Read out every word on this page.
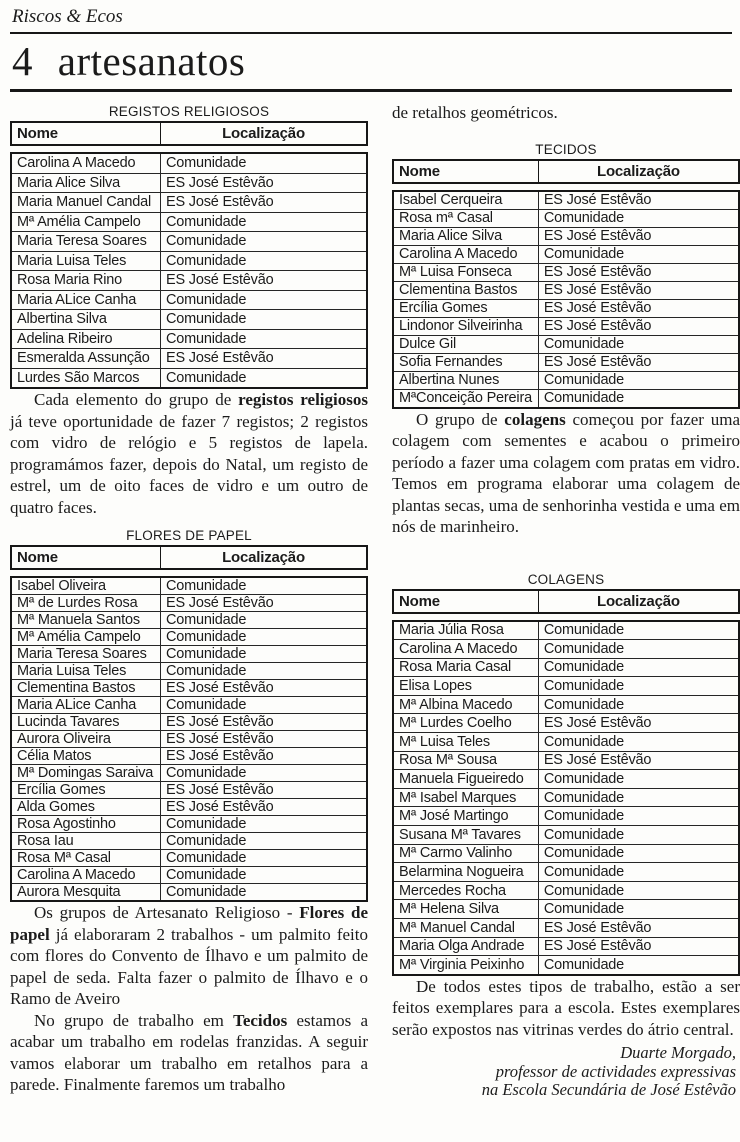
Riscos & Ecos
4 artesanatos
REGISTOS RELIGIOSOS
Nome	Localização
Carolina A Macedo	Comunidade
Maria Alice Silva	ES José Estêvão
Maria Manuel Candal	ES José Estêvão
Mª Amélia Campelo	Comunidade
Maria Teresa Soares	Comunidade
Maria Luisa Teles	Comunidade
Rosa Maria Rino	ES José Estêvão
Maria ALice Canha	Comunidade
Albertina Silva	Comunidade
Adelina Ribeiro	Comunidade
Esmeralda Assunção	ES José Estêvão
Lurdes São Marcos	Comunidade

Cada elemento do grupo de registos religiosos já teve oportunidade de fazer 7 registos; 2 registos com vidro de relógio e 5 registos de lapela. programámos fazer, depois do Natal, um registo de estrel, um de oito faces de vidro e um outro de quatro faces.

FLORES DE PAPEL
Nome	Localização
Isabel Oliveira	Comunidade
Mª de Lurdes Rosa	ES José Estêvão
Mª Manuela Santos	Comunidade
Mª Amélia Campelo	Comunidade
Maria Teresa Soares	Comunidade
Maria Luisa Teles	Comunidade
Clementina Bastos	ES José Estêvão
Maria ALice Canha	Comunidade
Lucinda Tavares	ES José Estêvão
Aurora Oliveira	ES José Estêvão
Célia Matos	ES José Estêvão
Mª Domingas Saraiva	Comunidade
Ercília Gomes	ES José Estêvão
Alda Gomes	ES José Estêvão
Rosa Agostinho	Comunidade
Rosa Iau	Comunidade
Rosa Mª Casal	Comunidade
Carolina A Macedo	Comunidade
Aurora Mesquita	Comunidade

Os grupos de Artesanato Religioso - Flores de papel já elaboraram 2 trabalhos - um palmito feito com flores do Convento de Ílhavo e um palmito de papel de seda. Falta fazer o palmito de Ílhavo e o Ramo de Aveiro

No grupo de trabalho em Tecidos estamos a acabar um trabalho em rodelas franzidas. A seguir vamos elaborar um trabalho em retalhos para a parede. Finalmente faremos um trabalho

de retalhos geométricos.

TECIDOS
Nome	Localização
Isabel Cerqueira	ES José Estêvão
Rosa mª Casal	Comunidade
Maria Alice Silva	ES José Estêvão
Carolina A Macedo	Comunidade
Mª Luisa Fonseca	ES José Estêvão
Clementina Bastos	ES José Estêvão
Ercília Gomes	ES José Estêvão
Lindonor Silveirinha	ES José Estêvão
Dulce Gil	Comunidade
Sofia Fernandes	ES José Estêvão
Albertina Nunes	Comunidade
MªConceição Pereira	Comunidade

O grupo de colagens começou por fazer uma colagem com sementes e acabou o primeiro período a fazer uma colagem com pratas em vidro. Temos em programa elaborar uma colagem de plantas secas, uma de senhorinha vestida e uma em nós de marinheiro.

COLAGENS
Nome	Localização
Maria Júlia Rosa	Comunidade
Carolina A Macedo	Comunidade
Rosa Maria Casal	Comunidade
Elisa Lopes	Comunidade
Mª Albina Macedo	Comunidade
Mª Lurdes Coelho	ES José Estêvão
Mª Luisa Teles	Comunidade
Rosa Mª Sousa	ES José Estêvão
Manuela Figueiredo	Comunidade
Mª Isabel Marques	Comunidade
Mª José Martingo	Comunidade
Susana Mª Tavares	Comunidade
Mª Carmo Valinho	Comunidade
Belarmina Nogueira	Comunidade
Mercedes Rocha	Comunidade
Mª Helena Silva	Comunidade
Mª Manuel Candal	ES José Estêvão
Maria Olga Andrade	ES José Estêvão
Mª Virginia Peixinho	Comunidade

De todos estes tipos de trabalho, estão a ser feitos exemplares para a escola. Estes exemplares serão expostos nas vitrinas verdes do átrio central.

Duarte Morgado,
professor de actividades expressivas
na Escola Secundária de José Estêvão
